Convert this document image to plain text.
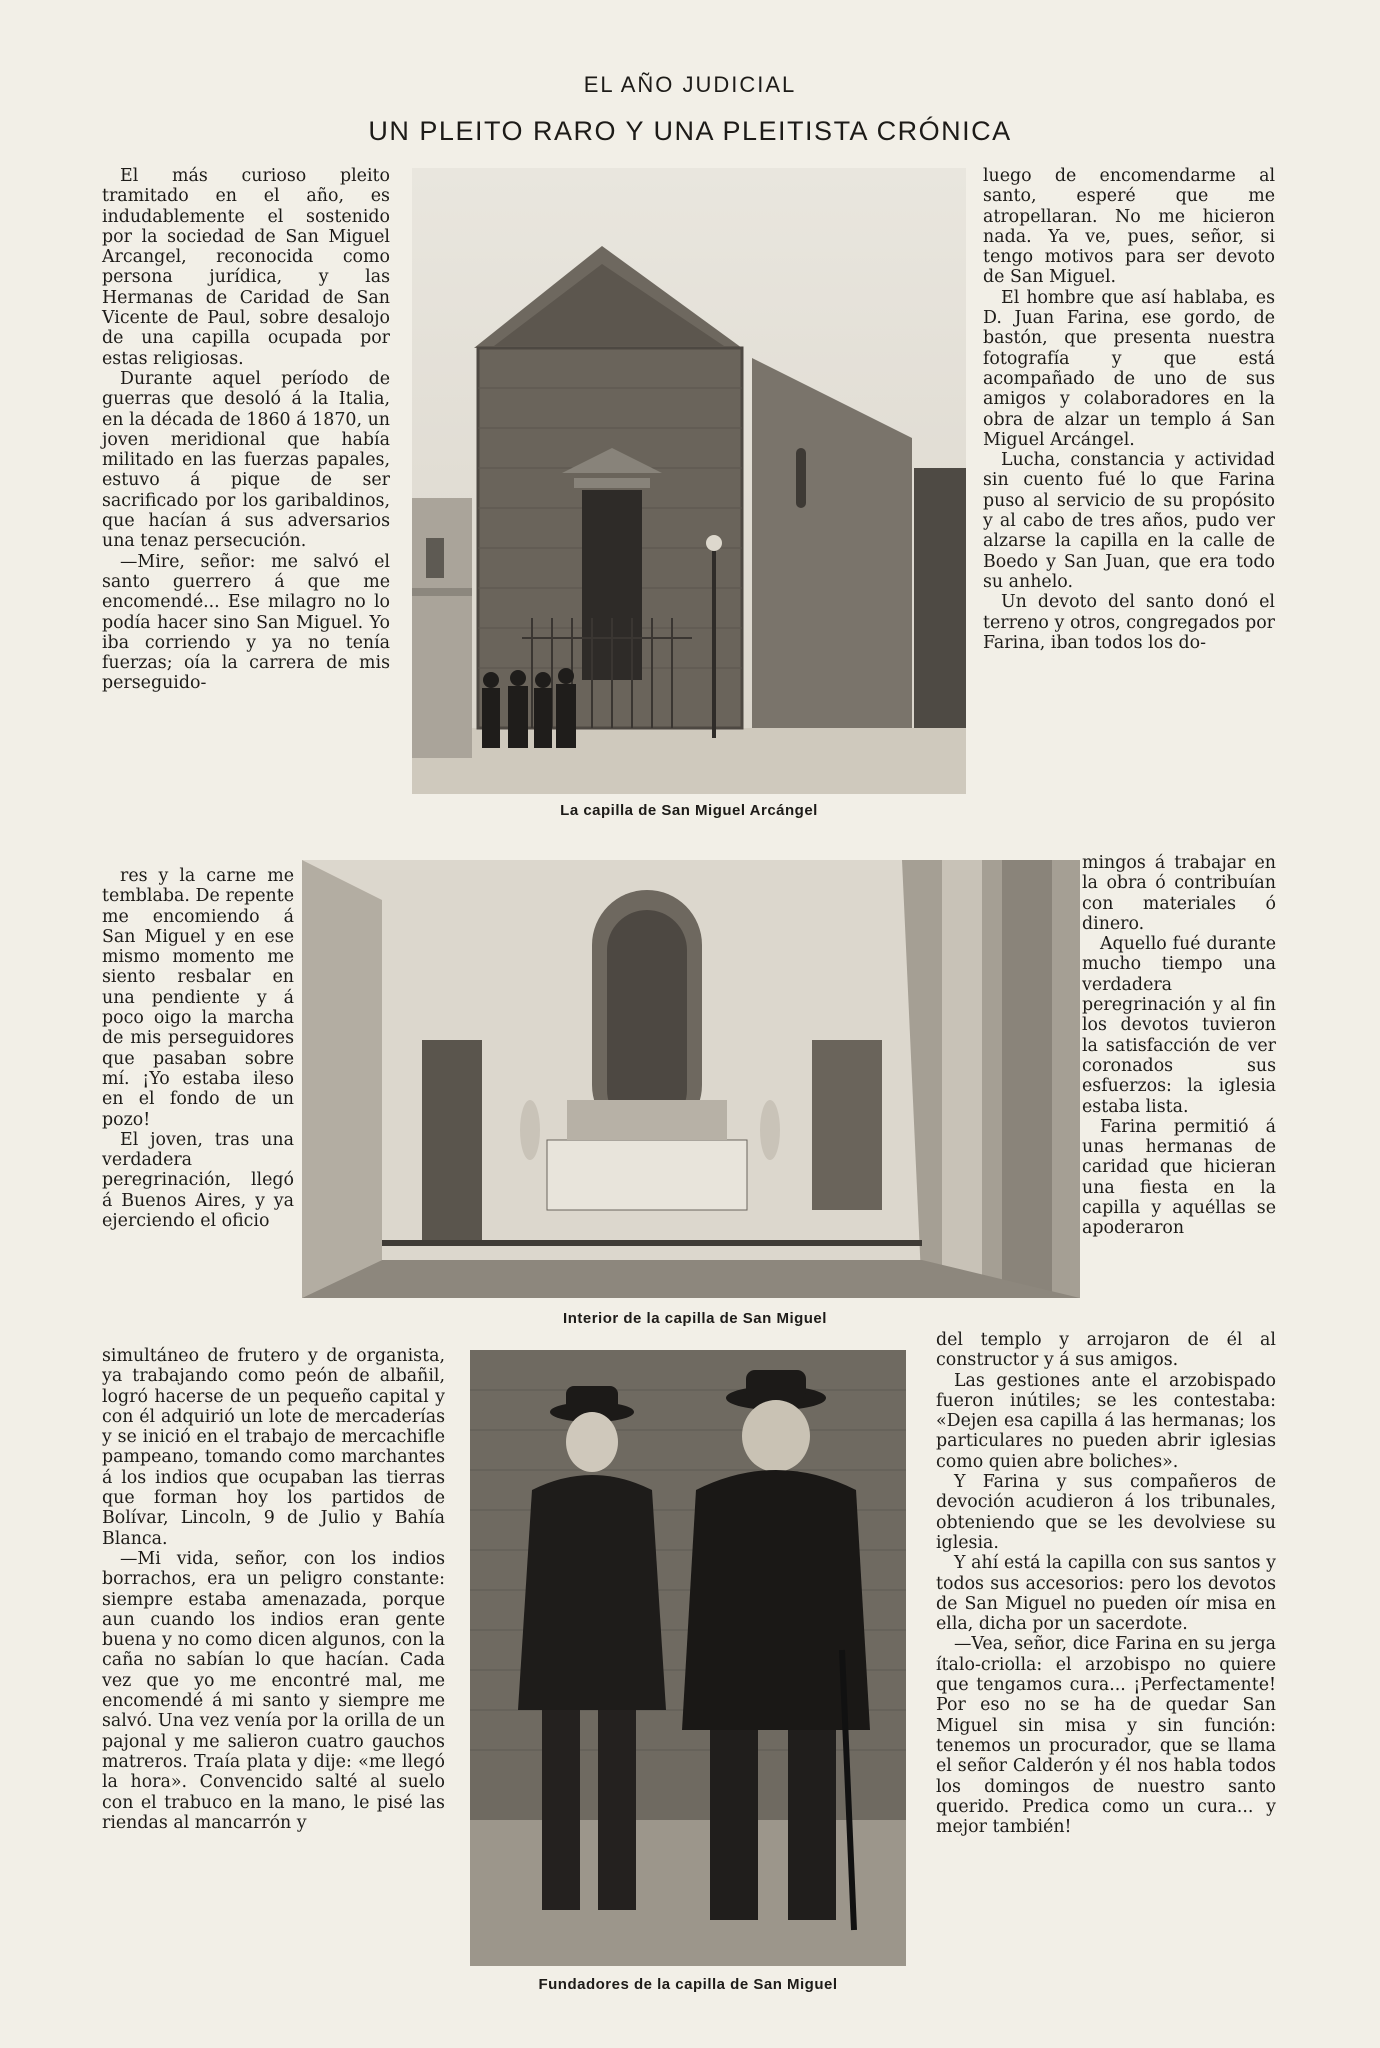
EL AÑO JUDICIAL
UN PLEITO RARO Y UNA PLEITISTA CRÓNICA

El más curioso pleito tramitado en el año, es indudablemente el sostenido por la sociedad de San Miguel Arcangel, reconocida como persona jurídica, y las Hermanas de Caridad de San Vicente de Paul, sobre desalojo de una capilla ocupada por estas religiosas.

Durante aquel período de guerras que desoló á la Italia, en la década de 1860 á 1870, un joven meridional que había militado en las fuerzas papales, estuvo á pique de ser sacrificado por los garibaldinos, que hacían á sus adversarios una tenaz persecución.

—Mire, señor: me salvó el santo guerrero á que me encomendé... Ese milagro no lo podía hacer sino San Miguel. Yo iba corriendo y ya no tenía fuerzas; oía la carrera de mis perseguido-

res y la carne me temblaba. De repente me encomiendo á San Miguel y en ese mismo momento me siento resbalar en una pendiente y á poco oigo la marcha de mis perseguidores que pasaban sobre mí. ¡Yo estaba ileso en el fondo de un pozo!

El joven, tras una verdadera peregrinación, llegó á Buenos Aires, y ya ejerciendo el oficio

simultáneo de frutero y de organista, ya trabajando como peón de albañil, logró hacerse de un pequeño capital y con él adquirió un lote de mercaderías y se inició en el trabajo de mercachifle pampeano, tomando como marchantes á los indios que ocupaban las tierras que forman hoy los partidos de Bolívar, Lincoln, 9 de Julio y Bahía Blanca.

—Mi vida, señor, con los indios borrachos, era un peligro constante: siempre estaba amenazada, porque aun cuando los indios eran gente buena y no como dicen algunos, con la caña no sabían lo que hacían. Cada vez que yo me encontré mal, me encomendé á mi santo y siempre me salvó. Una vez venía por la orilla de un pajonal y me salieron cuatro gauchos matreros. Traía plata y dije: «me llegó la hora». Convencido salté al suelo con el trabuco en la mano, le pisé las riendas al mancarrón y

luego de encomendarme al santo, esperé que me atropellaran. No me hicieron nada. Ya ve, pues, señor, si tengo motivos para ser devoto de San Miguel.

El hombre que así hablaba, es D. Juan Farina, ese gordo, de bastón, que presenta nuestra fotografía y que está acompañado de uno de sus amigos y colaboradores en la obra de alzar un templo á San Miguel Arcángel.

Lucha, constancia y actividad sin cuento fué lo que Farina puso al servicio de su propósito y al cabo de tres años, pudo ver alzarse la capilla en la calle de Boedo y San Juan, que era todo su anhelo.

Un devoto del santo donó el terreno y otros, congregados por Farina, iban todos los do-

mingos á trabajar en la obra ó contribuían con materiales ó dinero.

Aquello fué durante mucho tiempo una verdadera peregrinación y al fin los devotos tuvieron la satisfacción de ver coronados sus esfuerzos: la iglesia estaba lista.

Farina permitió á unas hermanas de caridad que hicieran una fiesta en la capilla y aquéllas se apoderaron

del templo y arrojaron de él al constructor y á sus amigos.

Las gestiones ante el arzobispado fueron inútiles; se les contestaba: «Dejen esa capilla á las hermanas; los particulares no pueden abrir iglesias como quien abre boliches».

Y Farina y sus compañeros de devoción acudieron á los tribunales, obteniendo que se les devolviese su iglesia.

Y ahí está la capilla con sus santos y todos sus accesorios: pero los devotos de San Miguel no pueden oír misa en ella, dicha por un sacerdote.

—Vea, señor, dice Farina en su jerga ítalo-criolla: el arzobispo no quiere que tengamos cura... ¡Perfectamente! Por eso no se ha de quedar San Miguel sin misa y sin función: tenemos un procurador, que se llama el señor Calderón y él nos habla todos los domingos de nuestro santo querido. Predica como un cura... y mejor también!

La capilla de San Miguel Arcángel
Interior de la capilla de San Miguel
Fundadores de la capilla de San Miguel
